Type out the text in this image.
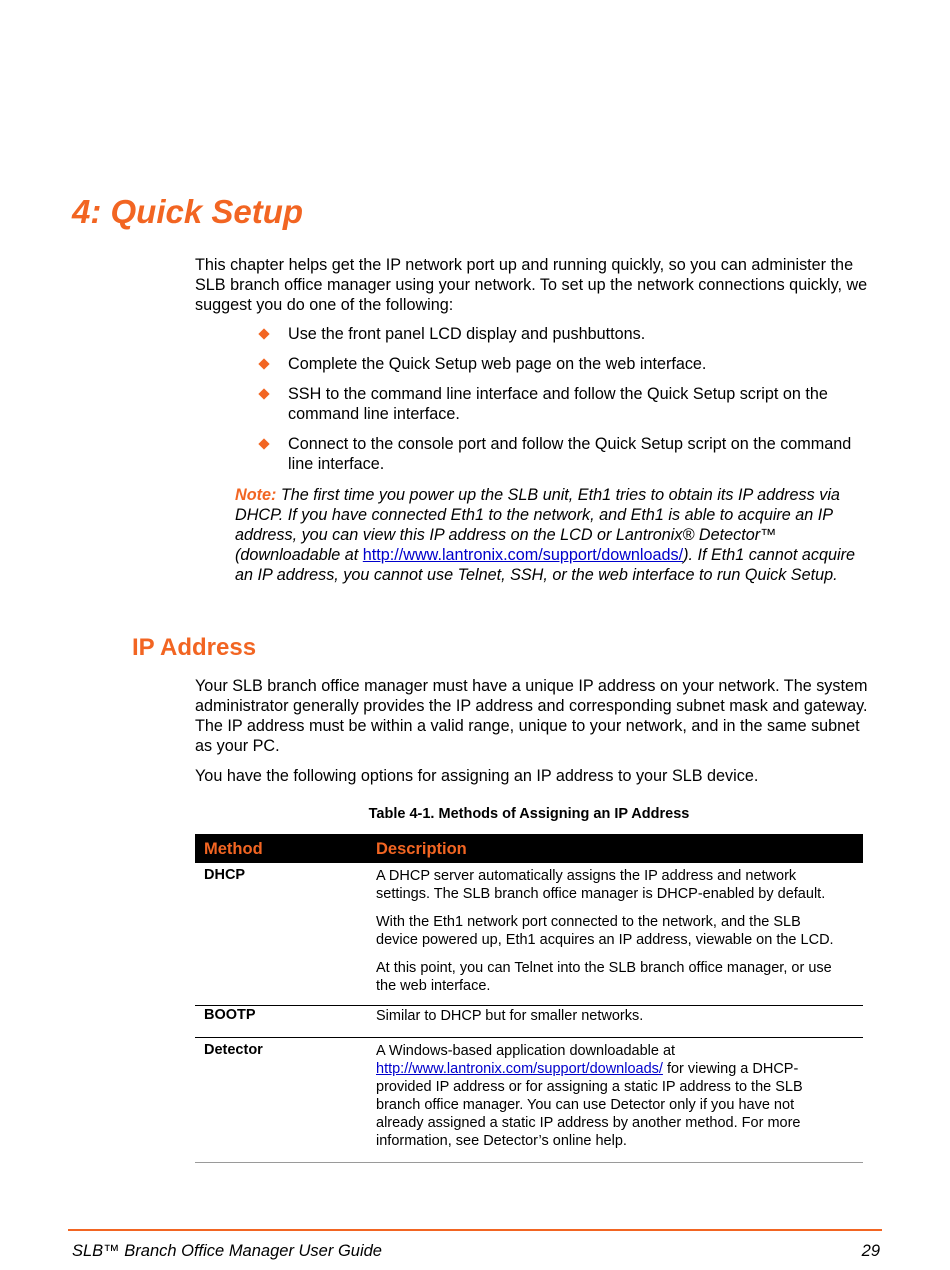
4: Quick Setup

This chapter helps get the IP network port up and running quickly, so you can administer the SLB branch office manager using your network. To set up the network connections quickly, we suggest you do one of the following:

Use the front panel LCD display and pushbuttons.
Complete the Quick Setup web page on the web interface.
SSH to the command line interface and follow the Quick Setup script on the command line interface.
Connect to the console port and follow the Quick Setup script on the command line interface.

Note: The first time you power up the SLB unit, Eth1 tries to obtain its IP address via DHCP. If you have connected Eth1 to the network, and Eth1 is able to acquire an IP address, you can view this IP address on the LCD or Lantronix® Detector™ (downloadable at http://www.lantronix.com/support/downloads/). If Eth1 cannot acquire an IP address, you cannot use Telnet, SSH, or the web interface to run Quick Setup.

IP Address

Your SLB branch office manager must have a unique IP address on your network. The system administrator generally provides the IP address and corresponding subnet mask and gateway. The IP address must be within a valid range, unique to your network, and in the same subnet as your PC.

You have the following options for assigning an IP address to your SLB device.

Table 4-1. Methods of Assigning an IP Address

Method	Description
DHCP	A DHCP server automatically assigns the IP address and network settings. The SLB branch office manager is DHCP-enabled by default.

With the Eth1 network port connected to the network, and the SLB device powered up, Eth1 acquires an IP address, viewable on the LCD.

At this point, you can Telnet into the SLB branch office manager, or use the web interface.

BOOTP	Similar to DHCP but for smaller networks.

Detector	A Windows-based application downloadable at http://www.lantronix.com/support/downloads/ for viewing a DHCP-provided IP address or for assigning a static IP address to the SLB branch office manager. You can use Detector only if you have not already assigned a static IP address by another method. For more information, see Detector’s online help.

SLB™ Branch Office Manager User Guide	29
